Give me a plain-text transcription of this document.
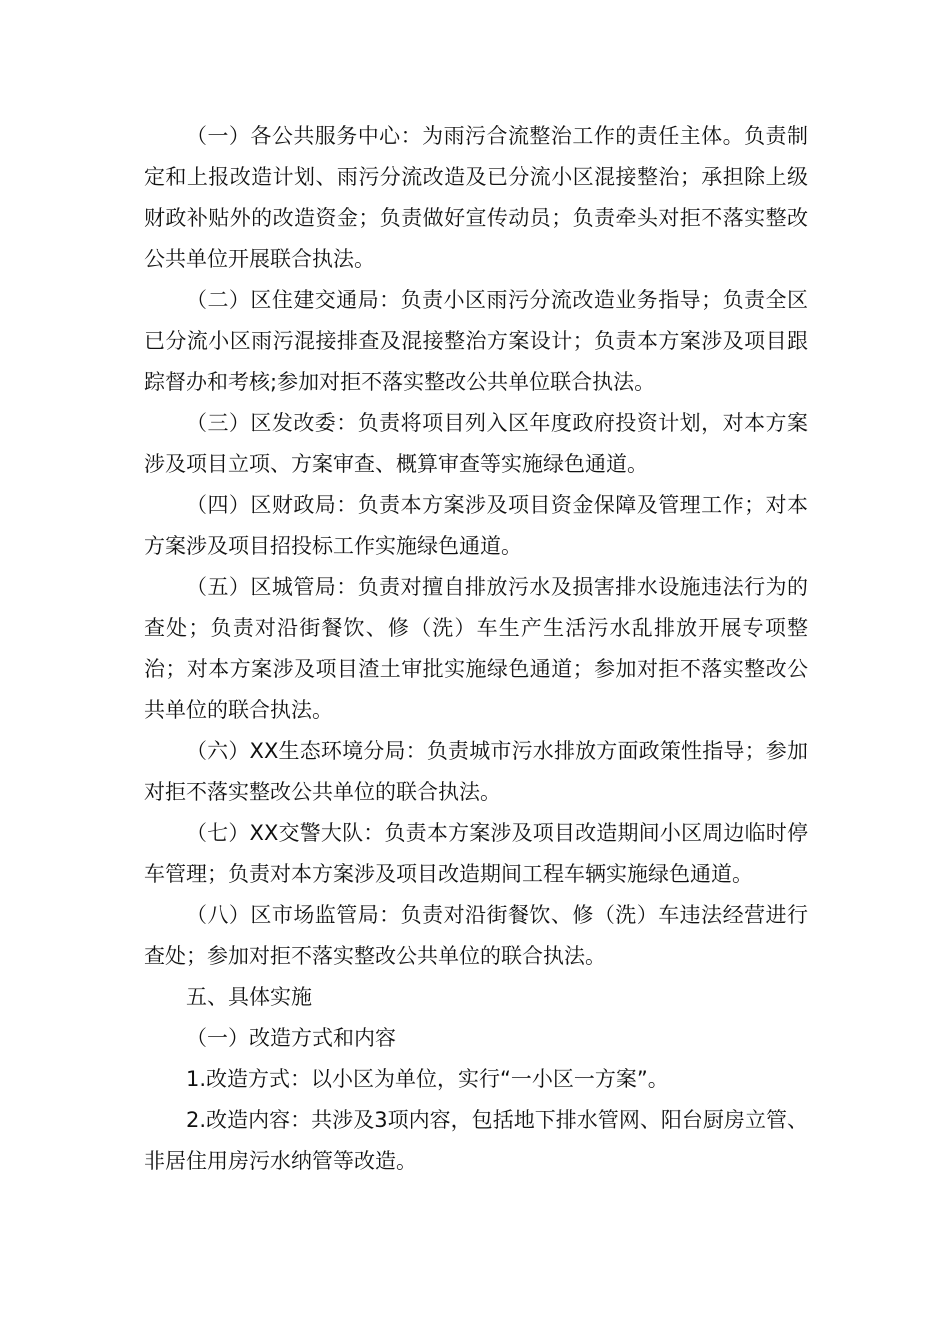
（一）各公共服务中心：为雨污合流整治工作的责任主体。负责制定和上报改造计划、雨污分流改造及已分流小区混接整治；承担除上级财政补贴外的改造资金；负责做好宣传动员；负责牵头对拒不落实整改公共单位开展联合执法。

（二）区住建交通局：负责小区雨污分流改造业务指导；负责全区已分流小区雨污混接排查及混接整治方案设计；负责本方案涉及项目跟踪督办和考核;参加对拒不落实整改公共单位联合执法。

（三）区发改委：负责将项目列入区年度政府投资计划，对本方案涉及项目立项、方案审查、概算审查等实施绿色通道。

（四）区财政局：负责本方案涉及项目资金保障及管理工作；对本方案涉及项目招投标工作实施绿色通道。

（五）区城管局：负责对擅自排放污水及损害排水设施违法行为的查处；负责对沿街餐饮、修（洗）车生产生活污水乱排放开展专项整治；对本方案涉及项目渣土审批实施绿色通道；参加对拒不落实整改公共单位的联合执法。

（六）XX生态环境分局：负责城市污水排放方面政策性指导；参加对拒不落实整改公共单位的联合执法。

（七）XX交警大队：负责本方案涉及项目改造期间小区周边临时停车管理；负责对本方案涉及项目改造期间工程车辆实施绿色通道。

（八）区市场监管局：负责对沿街餐饮、修（洗）车违法经营进行查处；参加对拒不落实整改公共单位的联合执法。

五、具体实施

（一）改造方式和内容

1.改造方式：以小区为单位，实行“一小区一方案”。

2.改造内容：共涉及3项内容，包括地下排水管网、阳台厨房立管、非居住用房污水纳管等改造。
